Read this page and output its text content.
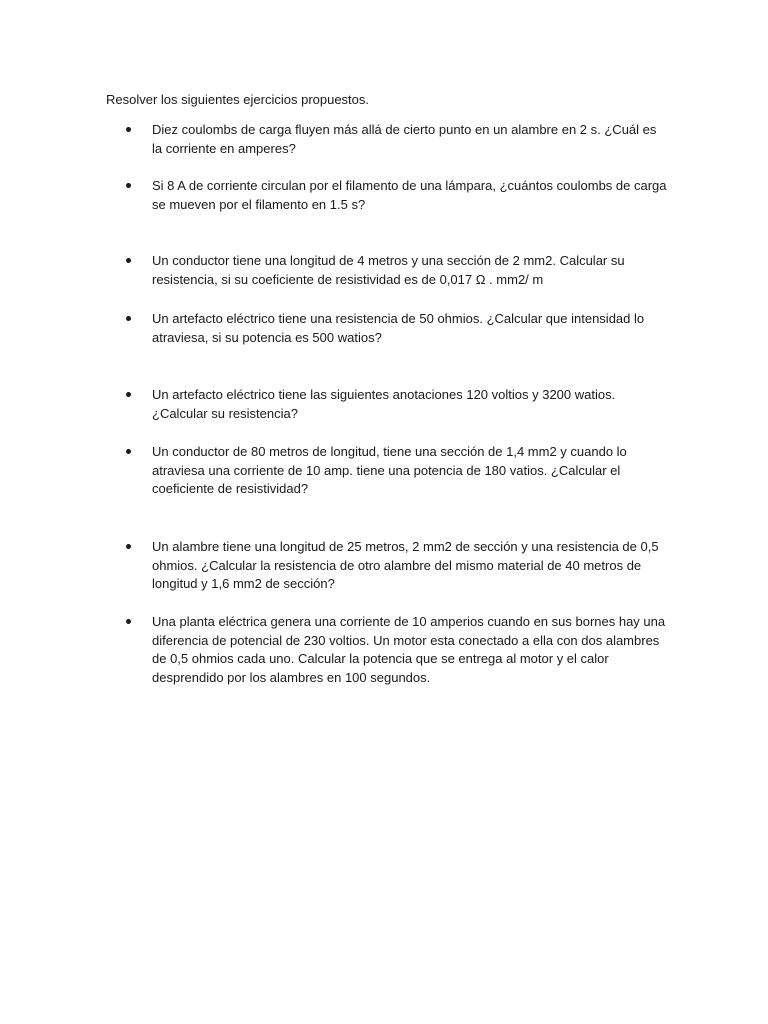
Resolver los siguientes ejercicios propuestos.

Diez coulombs de carga fluyen más allá de cierto punto en un alambre en 2 s. ¿Cuál es la corriente en amperes?

Si 8 A de corriente circulan por el filamento de una lámpara, ¿cuántos coulombs de carga se mueven por el filamento en 1.5 s?

Un conductor tiene una longitud de 4 metros y una sección de 2 mm2. Calcular su resistencia, si su coeficiente de resistividad es de 0,017 Ω . mm2/ m

Un artefacto eléctrico tiene una resistencia de 50 ohmios. ¿Calcular que intensidad lo atraviesa, si su potencia es 500 watios?

Un artefacto eléctrico tiene las siguientes anotaciones 120 voltios y 3200 watios. ¿Calcular su resistencia?

Un conductor de 80 metros de longitud, tiene una sección de 1,4 mm2 y cuando lo atraviesa una corriente de 10 amp. tiene una potencia de 180 vatios. ¿Calcular el coeficiente de resistividad?

Un alambre tiene una longitud de 25 metros, 2 mm2 de sección y una resistencia de 0,5 ohmios. ¿Calcular la resistencia de otro alambre del mismo material de 40 metros de longitud y 1,6 mm2 de sección?

Una planta eléctrica genera una corriente de 10 amperios cuando en sus bornes hay una diferencia de potencial de 230 voltios. Un motor esta conectado a ella con dos alambres de 0,5 ohmios cada uno. Calcular la potencia que se entrega al motor y el calor desprendido por los alambres en 100 segundos.
